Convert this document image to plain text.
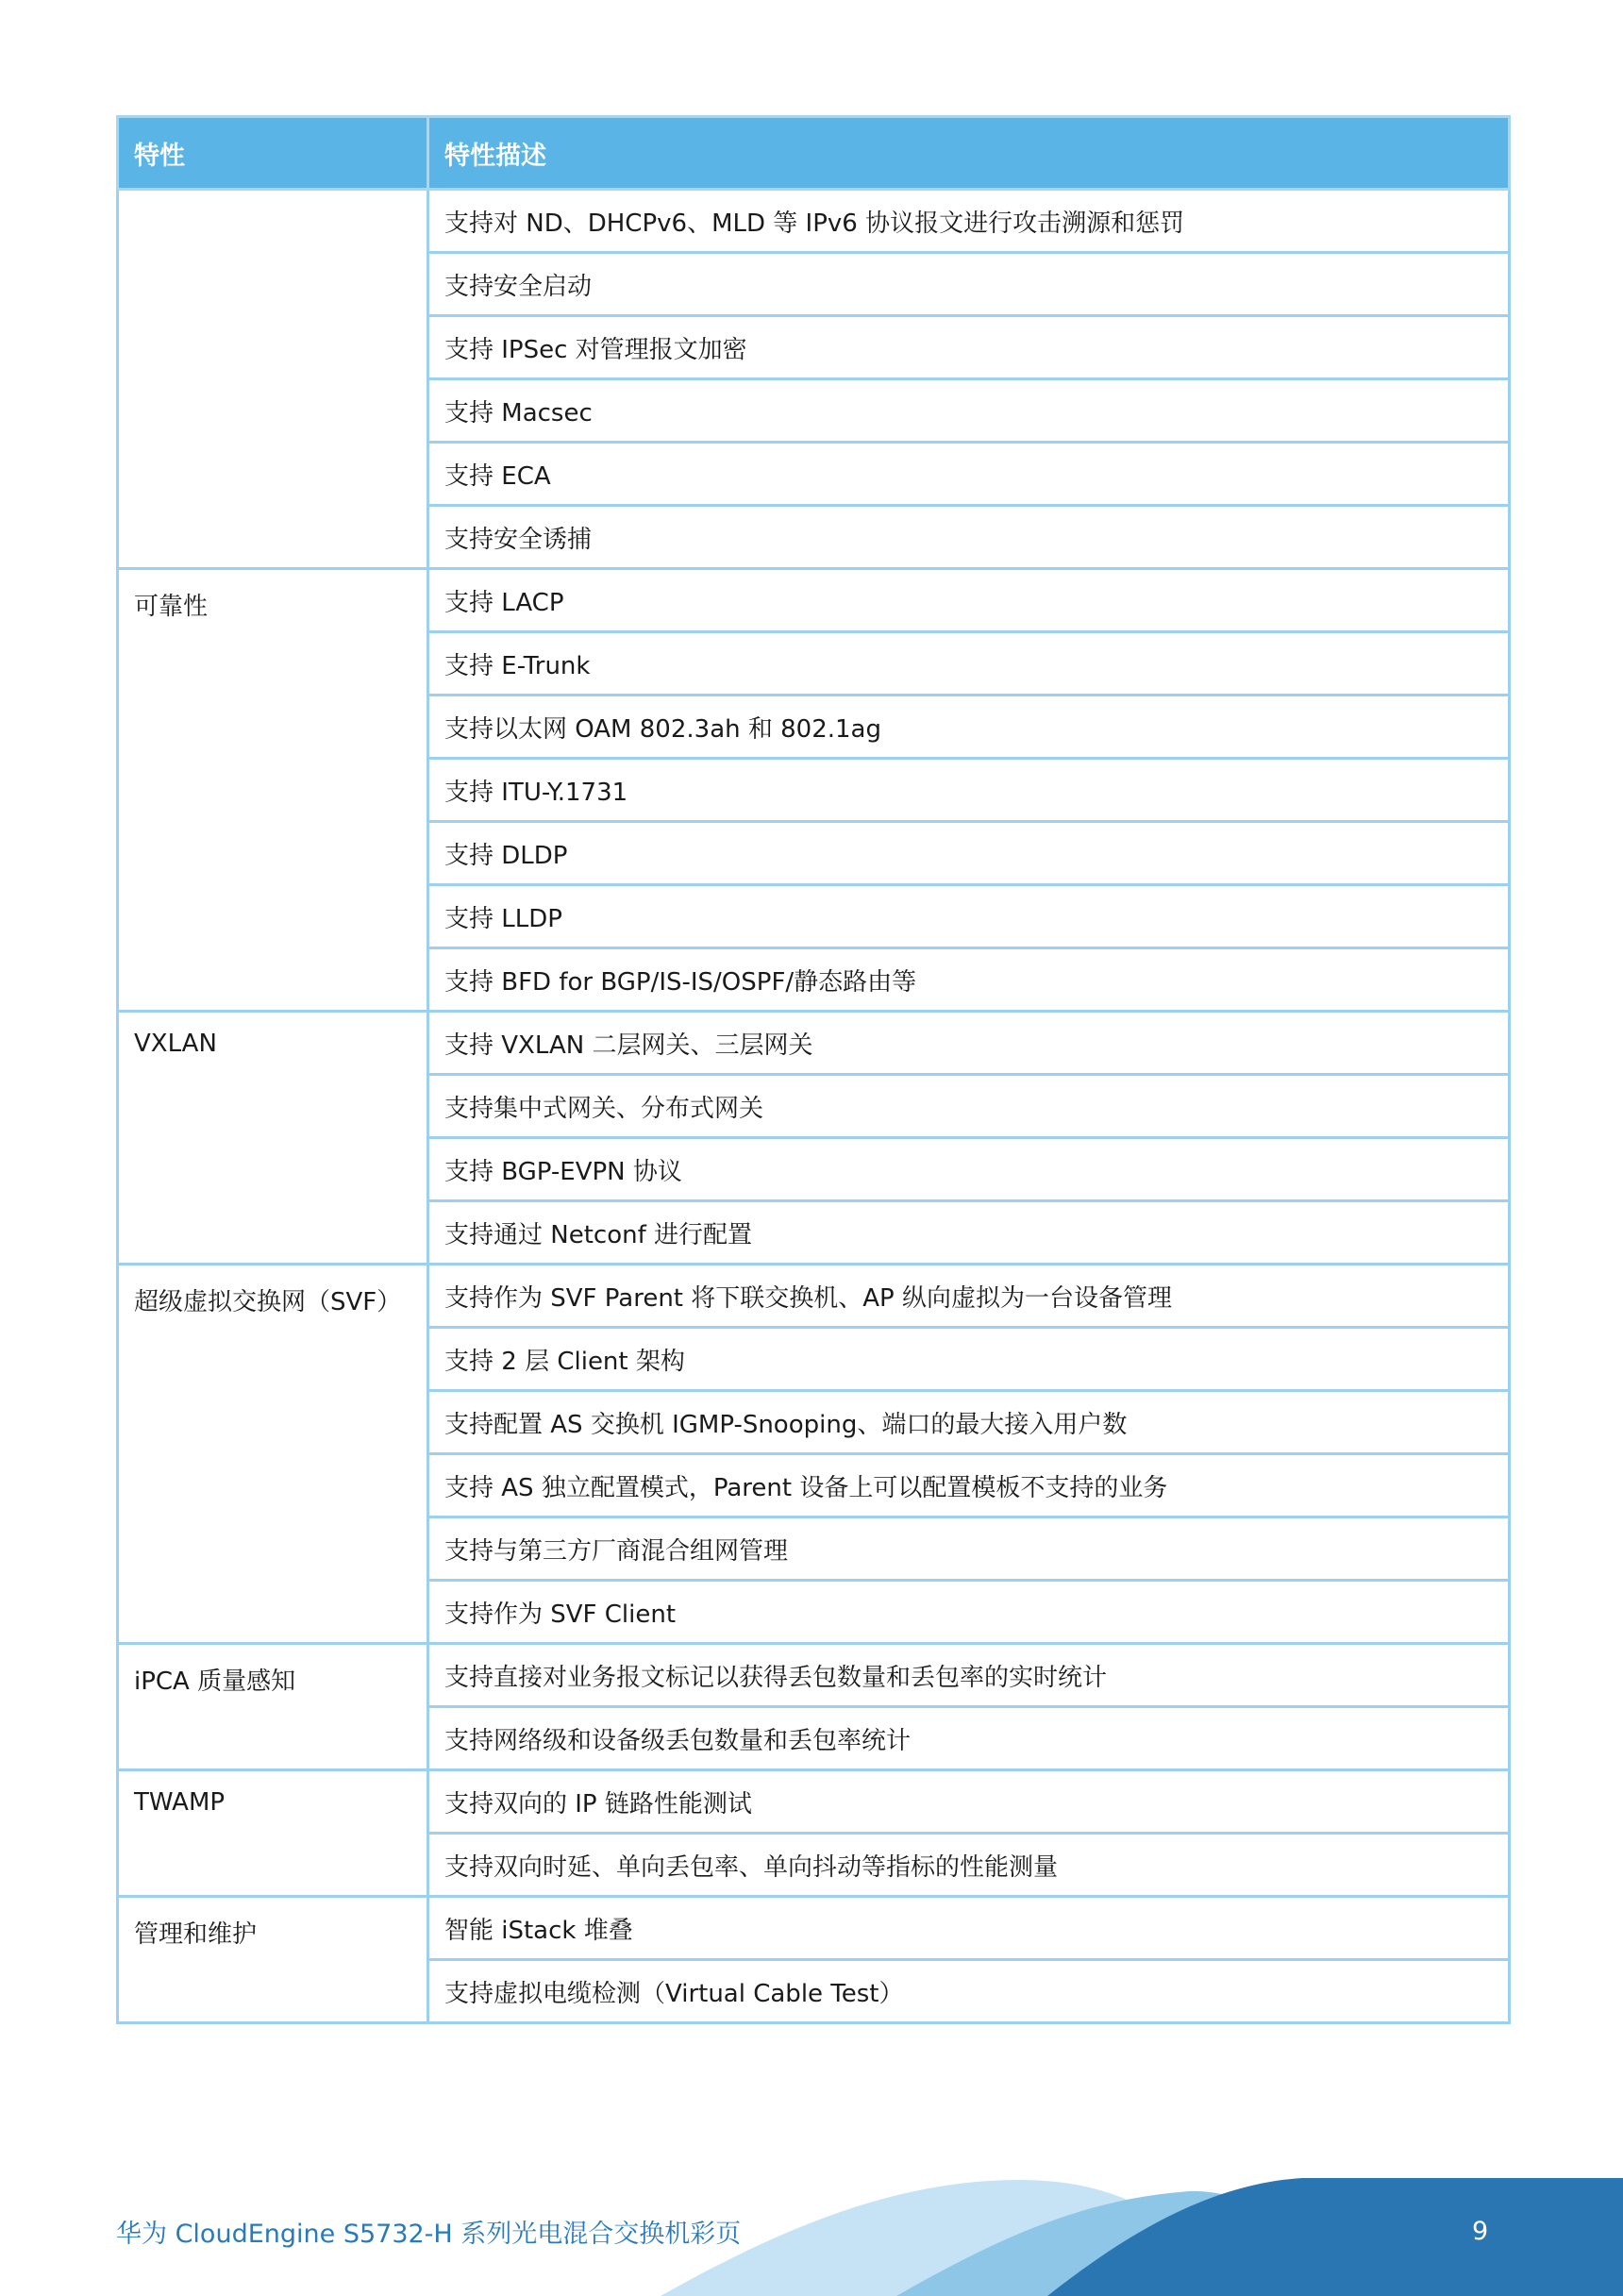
特性	特性描述
	支持对 ND、DHCPv6、MLD 等 IPv6 协议报文进行攻击溯源和惩罚
	支持安全启动
	支持 IPSec 对管理报文加密
	支持 Macsec
	支持 ECA
	支持安全诱捕
可靠性	支持 LACP
	支持 E-Trunk
	支持以太网 OAM 802.3ah 和 802.1ag
	支持 ITU-Y.1731
	支持 DLDP
	支持 LLDP
	支持 BFD for BGP/IS-IS/OSPF/静态路由等
VXLAN	支持 VXLAN 二层网关、三层网关
	支持集中式网关、分布式网关
	支持 BGP-EVPN 协议
	支持通过 Netconf 进行配置
超级虚拟交换网（SVF）	支持作为 SVF Parent 将下联交换机、AP 纵向虚拟为一台设备管理
	支持 2 层 Client 架构
	支持配置 AS 交换机 IGMP-Snooping、端口的最大接入用户数
	支持 AS 独立配置模式，Parent 设备上可以配置模板不支持的业务
	支持与第三方厂商混合组网管理
	支持作为 SVF Client
iPCA 质量感知	支持直接对业务报文标记以获得丢包数量和丢包率的实时统计
	支持网络级和设备级丢包数量和丢包率统计
TWAMP	支持双向的 IP 链路性能测试
	支持双向时延、单向丢包率、单向抖动等指标的性能测量
管理和维护	智能 iStack 堆叠
	支持虚拟电缆检测（Virtual Cable Test）
华为 CloudEngine S5732-H 系列光电混合交换机彩页	9
